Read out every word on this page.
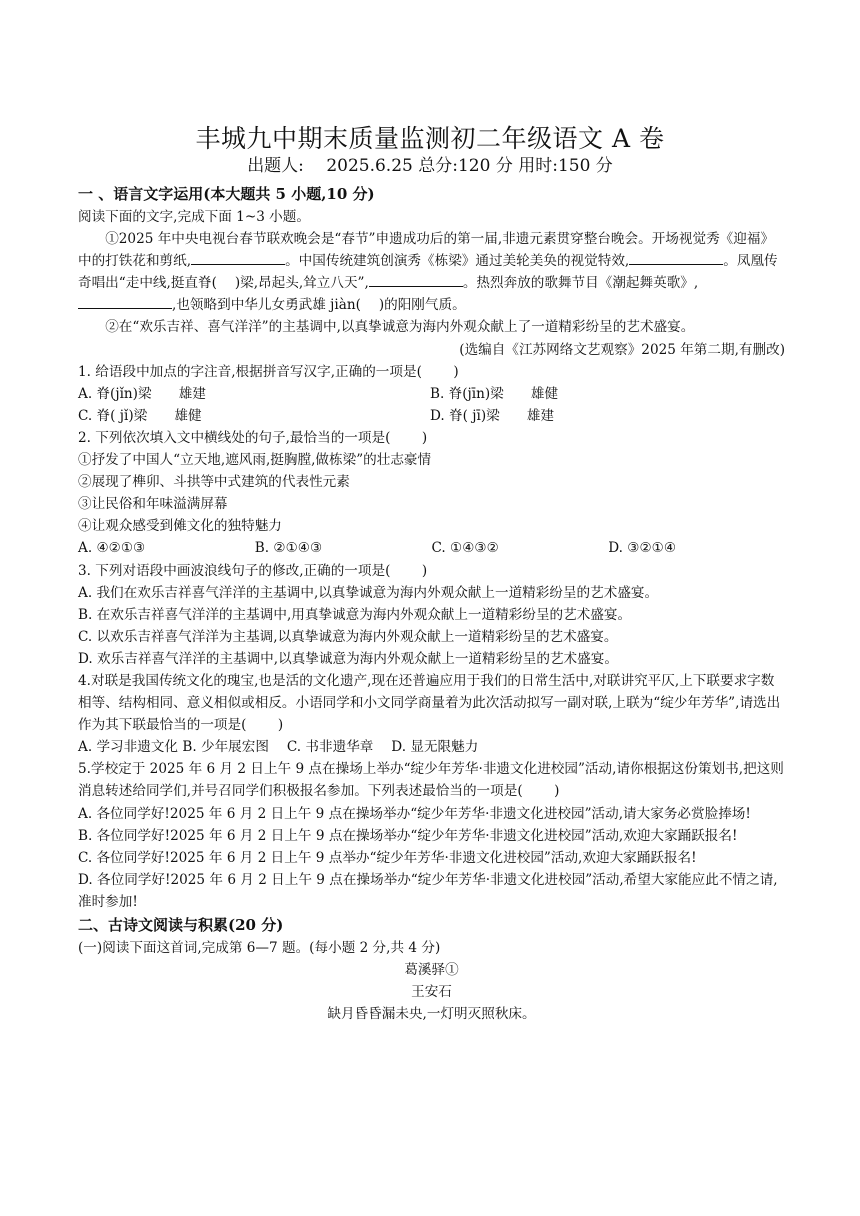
丰城九中期末质量监测初二年级语文 A 卷
出题人:　 2025.6.25 总分:120 分 用时:150 分

一 、语言文字运用(本大题共 5 小题,10 分)

阅读下面的文字,完成下面 1~3 小题。

①2025 年中央电视台春节联欢晚会是“春节”申遗成功后的第一届,非遗元素贯穿整台晚会。开场视觉秀《迎福》中的打铁花和剪纸,	。中国传统建筑创演秀《栋梁》通过美轮美奂的视觉特效,	。凤凰传奇唱出“走中线,挺直脊(　 )梁,昂起头,耸立八天”,	。热烈奔放的歌舞节目《潮起舞英歌》,,也领略到中华儿女勇武雄 jiàn(　 )的阳刚气质。

②在“欢乐吉祥、喜气洋洋”的主基调中,以真挚诚意为海内外观众献上了一道精彩纷呈的艺术盛宴。

(选编自《江苏网络文艺观察》2025 年第二期,有删改)

1. 给语段中加点的字注音,根据拼音写汉字,正确的一项是(　 　)

A. 脊(jǐn)梁　　雄建	B. 脊(jīn)梁　　雄健
C. 脊( jǐ)梁　　雄健	D. 脊( jī)梁　　雄建

2. 下列依次填入文中横线处的句子,最恰当的一项是(　 　)

①抒发了中国人“立天地,遮风雨,挺胸膛,做栋梁”的壮志豪情

②展现了榫卯、斗拱等中式建筑的代表性元素

③让民俗和年味溢满屏幕

④让观众感受到傩文化的独特魅力

A. ④②①③	B. ②①④③	C. ①④③②	D. ③②①④

3. 下列对语段中画波浪线句子的修改,正确的一项是(　 　)

A. 我们在欢乐吉祥喜气洋洋的主基调中,以真挚诚意为海内外观众献上一道精彩纷呈的艺术盛宴。

B. 在欢乐吉祥喜气洋洋的主基调中,用真挚诚意为海内外观众献上一道精彩纷呈的艺术盛宴。

C. 以欢乐吉祥喜气洋洋为主基调,以真挚诚意为海内外观众献上一道精彩纷呈的艺术盛宴。

D. 欢乐吉祥喜气洋洋的主基调中,以真挚诚意为海内外观众献上一道精彩纷呈的艺术盛宴。

4.对联是我国传统文化的瑰宝,也是活的文化遗产,现在还普遍应用于我们的日常生活中,对联讲究平仄,上下联要求字数相等、结构相同、意义相似或相反。小语同学和小文同学商量着为此次活动拟写一副对联,上联为“绽少年芳华”,请选出作为其下联最恰当的一项是(　 　)

A. 学习非遗文化 B. 少年展宏图　 C. 书非遗华章　 D. 显无限魅力

5.学校定于 2025 年 6 月 2 日上午 9 点在操场上举办“绽少年芳华·非遗文化进校园”活动,请你根据这份策划书,把这则消息转述给同学们,并号召同学们积极报名参加。下列表述最恰当的一项是(　 　)

A. 各位同学好!2025 年 6 月 2 日上午 9 点在操场举办“绽少年芳华·非遗文化进校园”活动,请大家务必赏脸捧场!

B. 各位同学好!2025 年 6 月 2 日上午 9 点在操场举办“绽少年芳华·非遗文化进校园”活动,欢迎大家踊跃报名!

C. 各位同学好!2025 年 6 月 2 日上午 9 点举办“绽少年芳华·非遗文化进校园”活动,欢迎大家踊跃报名!

D. 各位同学好!2025 年 6 月 2 日上午 9 点在操场举办“绽少年芳华·非遗文化进校园”活动,希望大家能应此不情之请,准时参加!

二、古诗文阅读与积累(20 分)

(一)阅读下面这首词,完成第 6—7 题。(每小题 2 分,共 4 分)

葛溪驿①

王安石

缺月昏昏漏未央,一灯明灭照秋床。
